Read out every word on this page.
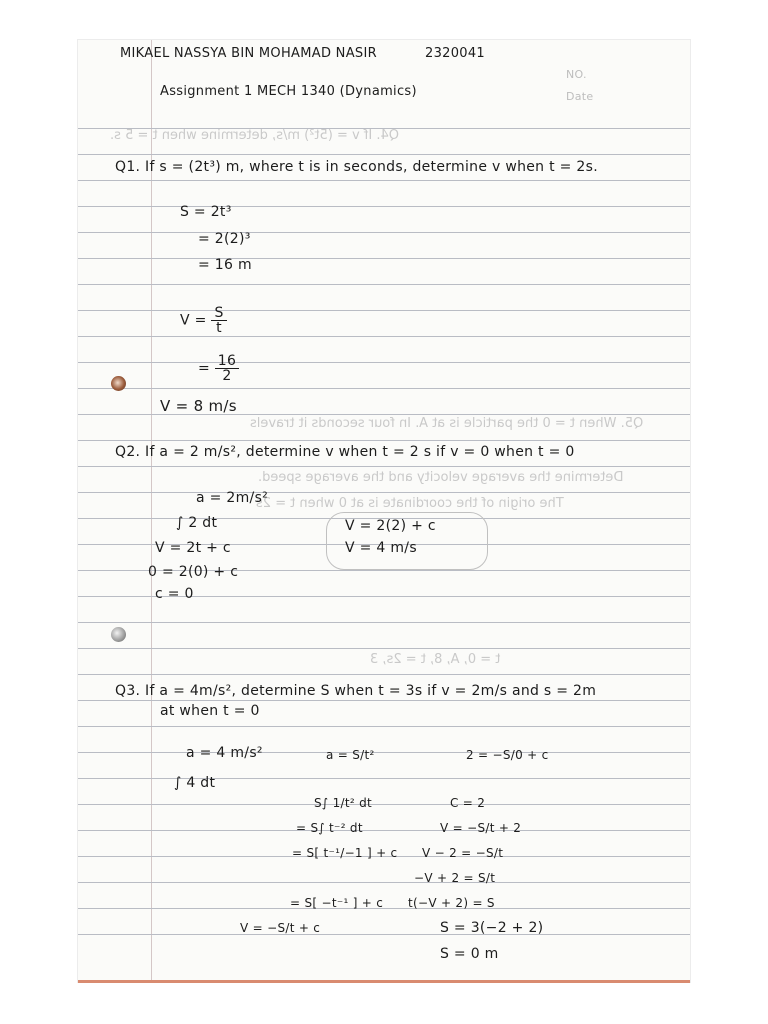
MIKAEL NASSYA BIN MOHAMAD NASIR	2320041
NO.
Assignment 1 MECH 1340 (Dynamics)	Date
Q4. If v = (5t²) m/s, determine when t = 5 s.
Q5. When t = 0 the particle is at A. In four seconds it travels
Determine the average velocity and the average speed.
The origin of the coordinate is at 0 when t = 2s
t = 0, A, 8, t = 2s, 3
Q1. If s = (2t³) m, where t is in seconds, determine v when t = 2s.
S = 2t³
= 2(2)³
= 16 m
$V = \frac{S}{t}$
= $\frac{16}{2}$
V = 8 m/s
Q2. If a = 2 m/s², determine v when t = 2 s if v = 0 when t = 0
a = 2m/s²
∫ 2 dt
V = 2t + c
0 = 2(0) + c
c = 0
V = 2(2) + c
V = 4 m/s
Q3. If a = 4m/s², determine S when t = 3s if v = 2m/s and s = 2m
at when t = 0
a = 4 m/s²
∫ 4 dt
a = S/t²
S∫ 1/t² dt
= S∫ t⁻² dt
= S[ t⁻¹/−1 ] + c
= S[ −t⁻¹ ] + c
V = −S/t + c
2 = −S/0 + c
C = 2
V = −S/t + 2
V − 2 = −S/t
−V + 2 = S/t
t(−V + 2) = S
S = 3(−2 + 2)
S = 0 m
